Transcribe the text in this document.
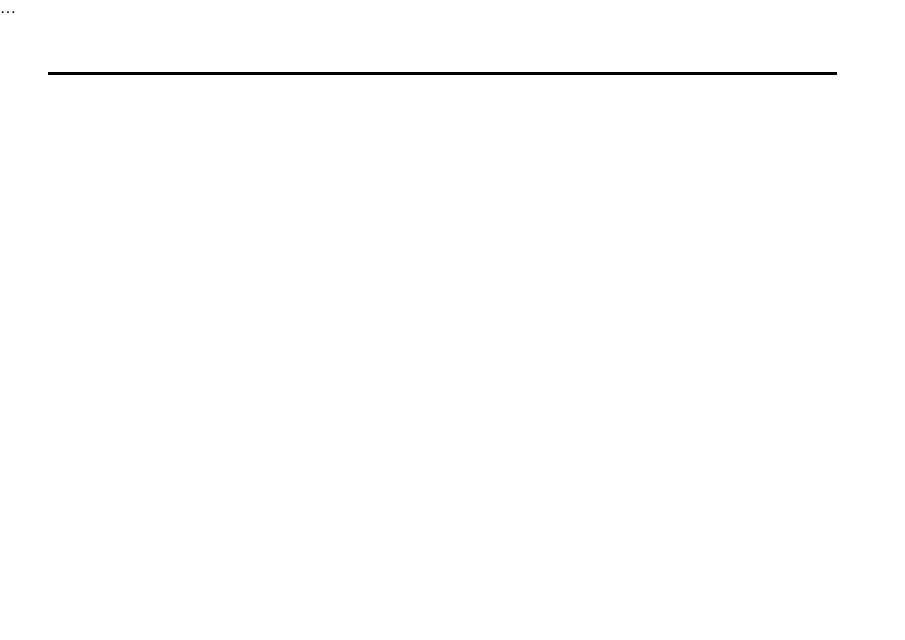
…
